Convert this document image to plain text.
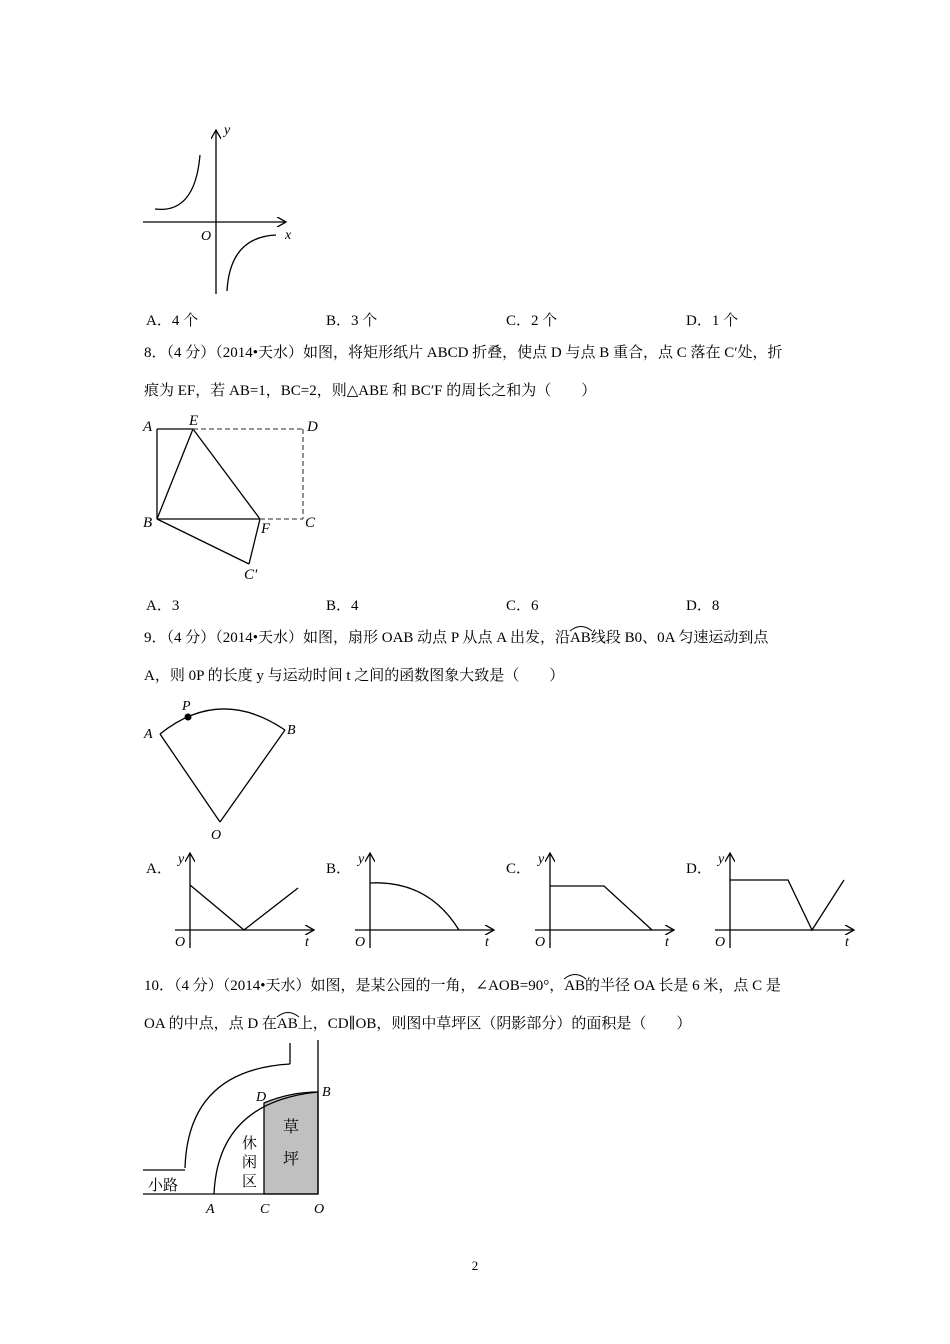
y
x
O
A．4 个	B．3 个	C．2 个	D．1 个
8．（4 分）（2014•天水）如图，将矩形纸片 ABCD 折叠，使点 D 与点 B 重合，点 C 落在 C′处，折
痕为 EF，若 AB=1，BC=2，则△ABE 和 BC′F 的周长之和为（　　）
A E	D
B	F C
C′
A．3	B．4	C．6	D．8
9．（4 分）（2014•天水）如图，扇形 OAB 动点 P 从点 A 出发，沿
AB线段 B0、0A 匀速运动到点
A，则 0P 的长度 y 与运动时间 t 之间的函数图象大致是（　　）
P
A	B
O
A．	B．	C．	D．
y
t
O
y
t
O
y
t
O
y
t
O
10．（4 分）（2014•天水）如图，是某公园的一角，∠AOB=90°，
AB的半径 OA 长是 6 米，点 C 是
OA 的中点，点 D 在
AB上，CD∥OB，则图中草坪区（阴影部分）的面积是（　　）
D	B
A	C	O
草
坪
休
闲
区
小路
2
